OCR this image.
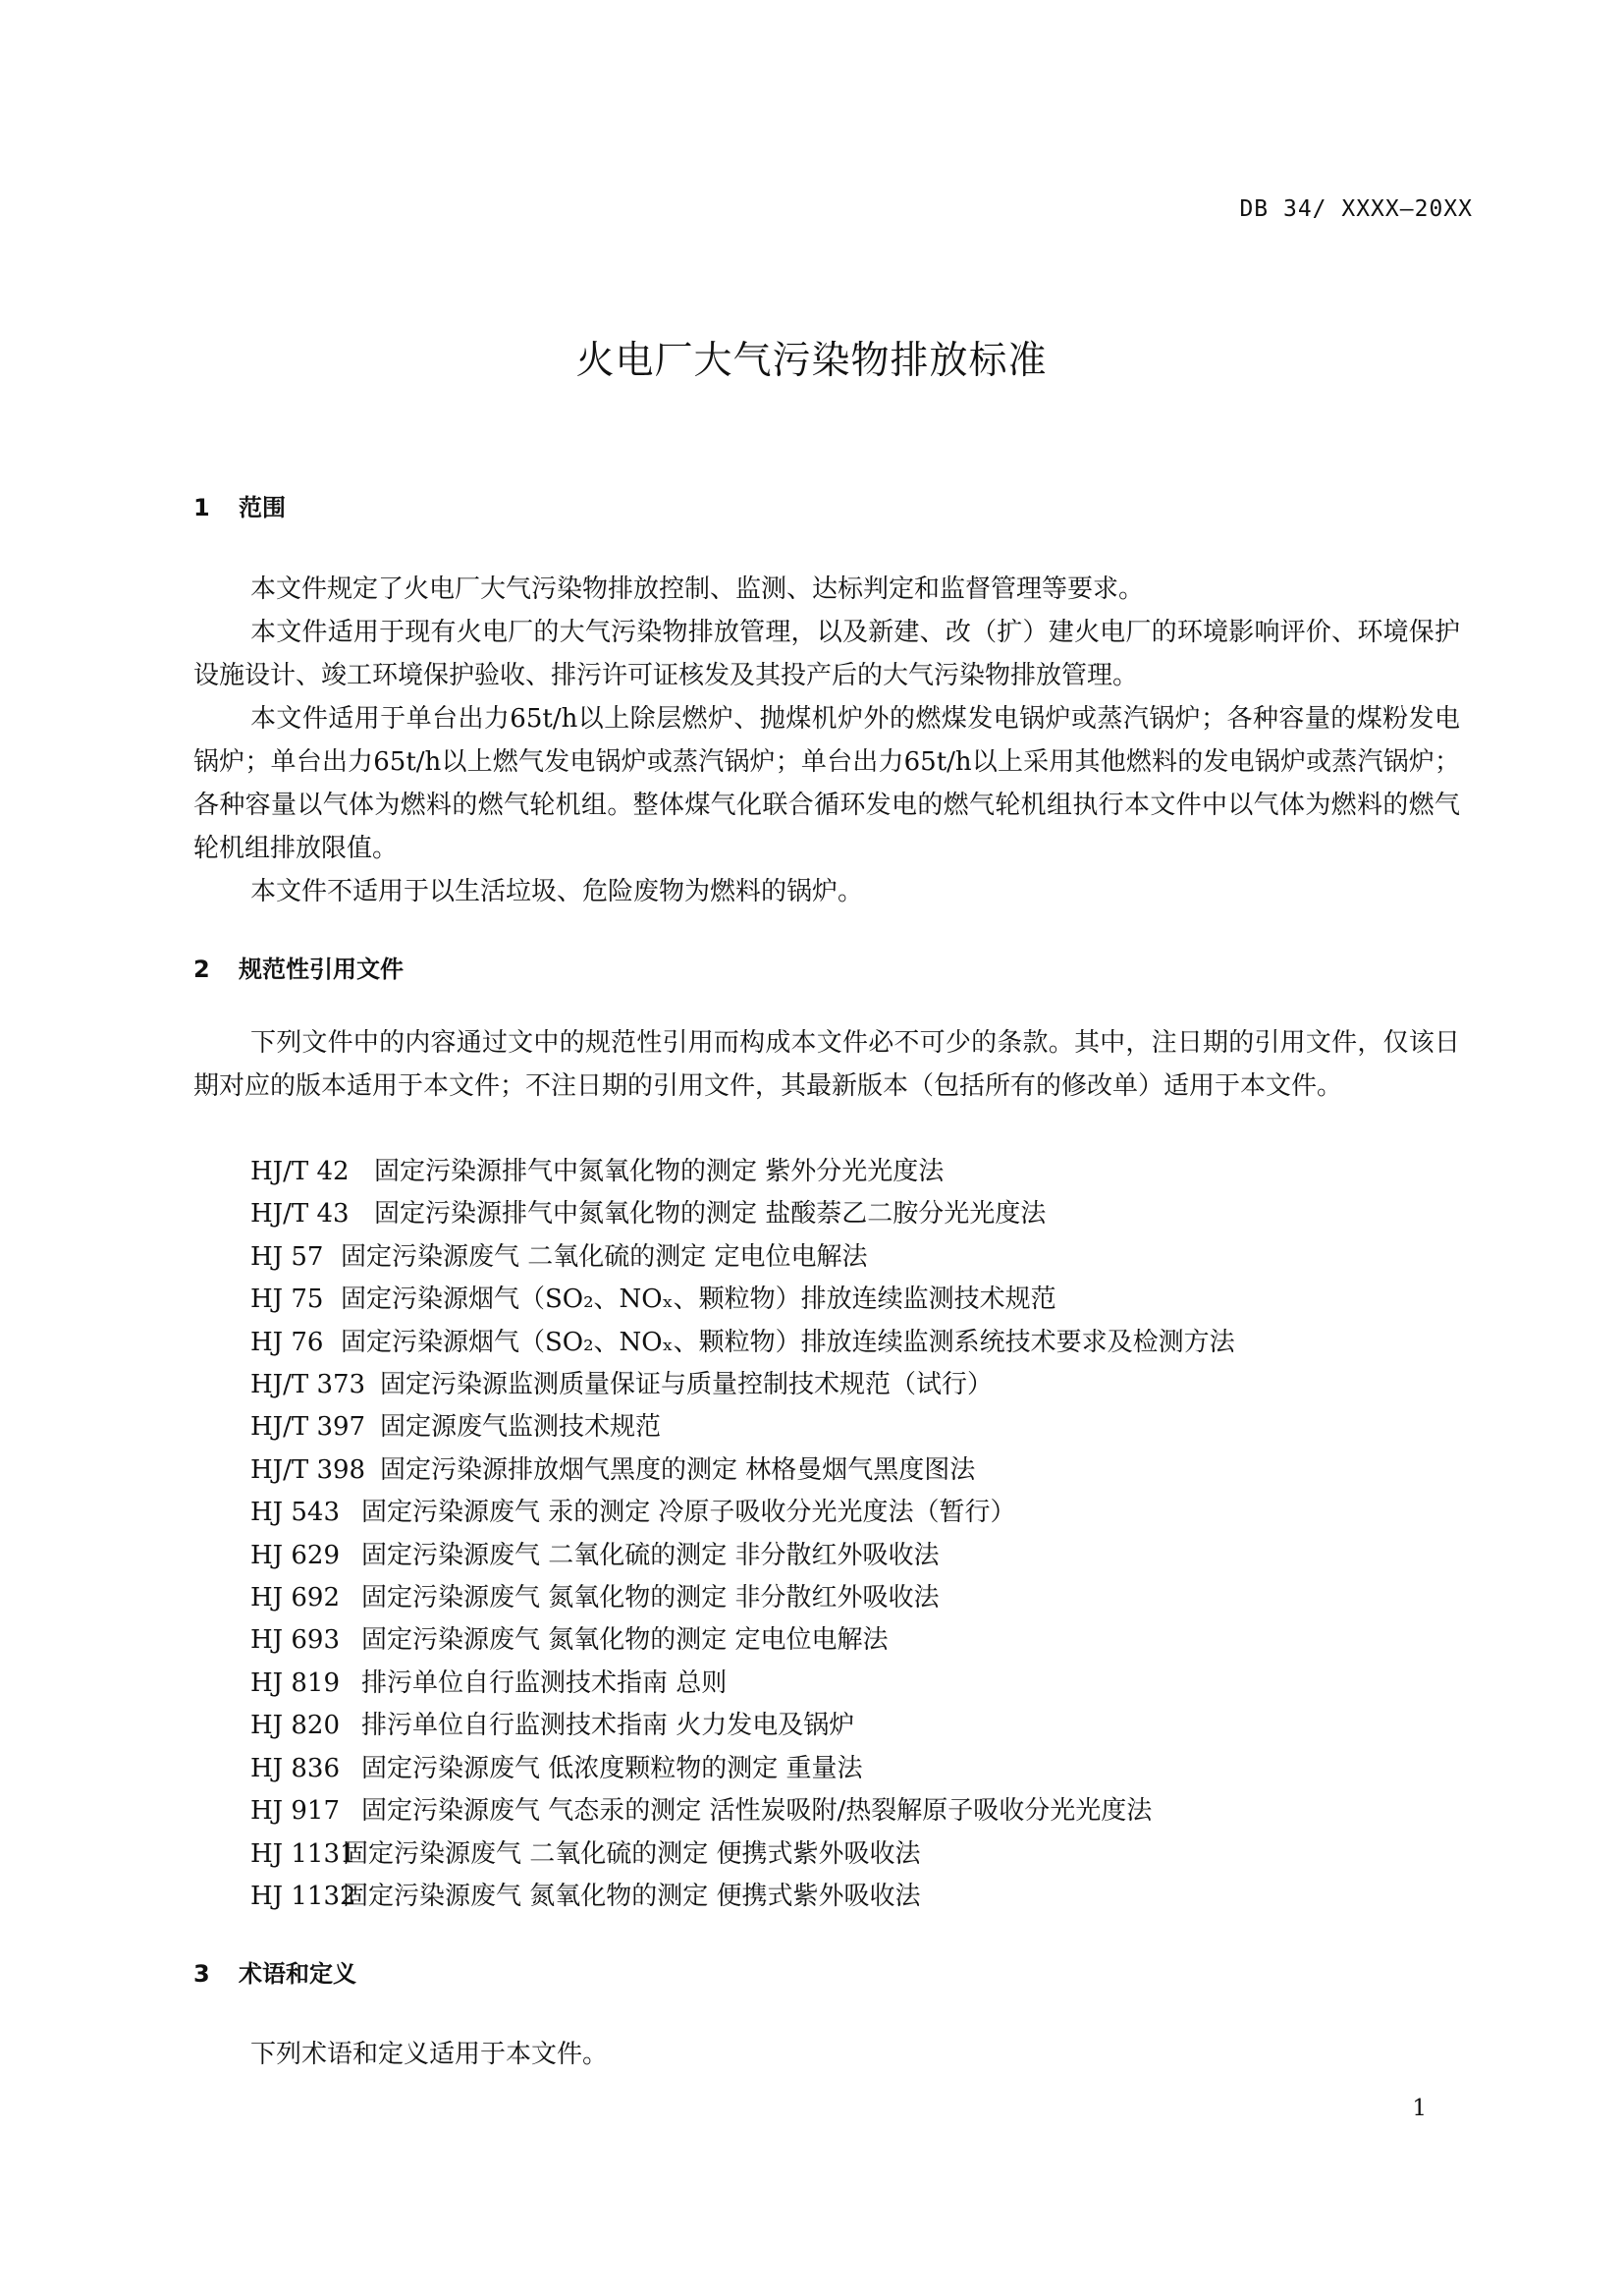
DB 34/ XXXX—20XX
火电厂大气污染物排放标准
1 范围

本文件规定了火电厂大气污染物排放控制、监测、达标判定和监督管理等要求。

本文件适用于现有火电厂的大气污染物排放管理，以及新建、改（扩）建火电厂的环境影响评价、环境保护设施设计、竣工环境保护验收、排污许可证核发及其投产后的大气污染物排放管理。

本文件适用于单台出力65t/h以上除层燃炉、抛煤机炉外的燃煤发电锅炉或蒸汽锅炉；各种容量的煤粉发电锅炉；单台出力65t/h以上燃气发电锅炉或蒸汽锅炉；单台出力65t/h以上采用其他燃料的发电锅炉或蒸汽锅炉；各种容量以气体为燃料的燃气轮机组。整体煤气化联合循环发电的燃气轮机组执行本文件中以气体为燃料的燃气轮机组排放限值。

本文件不适用于以生活垃圾、危险废物为燃料的锅炉。

2 规范性引用文件

下列文件中的内容通过文中的规范性引用而构成本文件必不可少的条款。其中，注日期的引用文件，仅该日期对应的版本适用于本文件；不注日期的引用文件，其最新版本（包括所有的修改单）适用于本文件。

HJ/T 42 固定污染源排气中氮氧化物的测定 紫外分光光度法
HJ/T 43 固定污染源排气中氮氧化物的测定 盐酸萘乙二胺分光光度法
HJ 57 固定污染源废气 二氧化硫的测定 定电位电解法
HJ 75 固定污染源烟气（SO₂、NOₓ、颗粒物）排放连续监测技术规范
HJ 76 固定污染源烟气（SO₂、NOₓ、颗粒物）排放连续监测系统技术要求及检测方法
HJ/T 373 固定污染源监测质量保证与质量控制技术规范（试行）
HJ/T 397 固定源废气监测技术规范
HJ/T 398 固定污染源排放烟气黑度的测定 林格曼烟气黑度图法
HJ 543 固定污染源废气 汞的测定 冷原子吸收分光光度法（暂行）
HJ 629 固定污染源废气 二氧化硫的测定 非分散红外吸收法
HJ 692 固定污染源废气 氮氧化物的测定 非分散红外吸收法
HJ 693 固定污染源废气 氮氧化物的测定 定电位电解法
HJ 819 排污单位自行监测技术指南 总则
HJ 820 排污单位自行监测技术指南 火力发电及锅炉
HJ 836 固定污染源废气 低浓度颗粒物的测定 重量法
HJ 917 固定污染源废气 气态汞的测定 活性炭吸附/热裂解原子吸收分光光度法
HJ 1131固定污染源废气 二氧化硫的测定 便携式紫外吸收法
HJ 1132固定污染源废气 氮氧化物的测定 便携式紫外吸收法
3 术语和定义

下列术语和定义适用于本文件。

1
